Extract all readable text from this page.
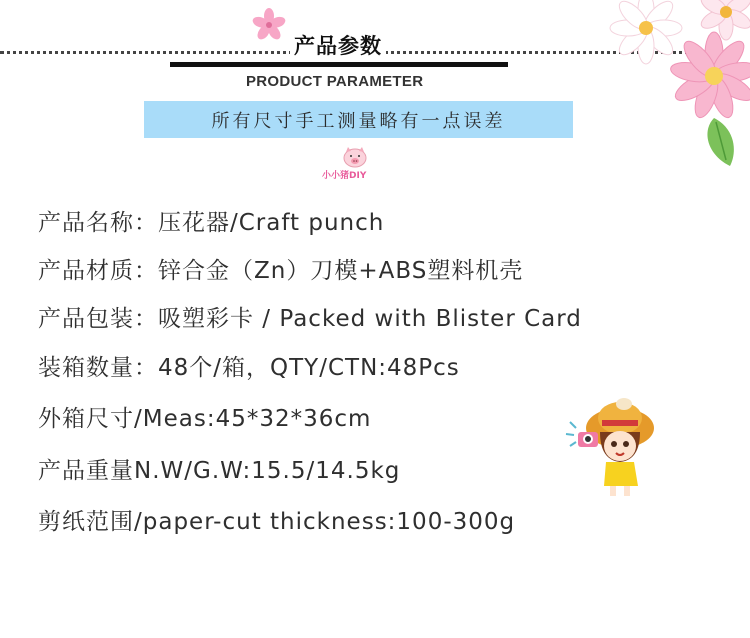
产品参数
PRODUCT PARAMETER
所有尺寸手工测量略有一点误差
小小猪DIY
产品名称：压花器/Craft punch
产品材质：锌合金（Zn）刀模+ABS塑料机壳
产品包装：吸塑彩卡 / Packed with Blister Card
装箱数量：48个/箱，QTY/CTN:48Pcs
外箱尺寸/Meas:45*32*36cm
产品重量N.W/G.W:15.5/14.5kg
剪纸范围/paper-cut thickness:100-300g
